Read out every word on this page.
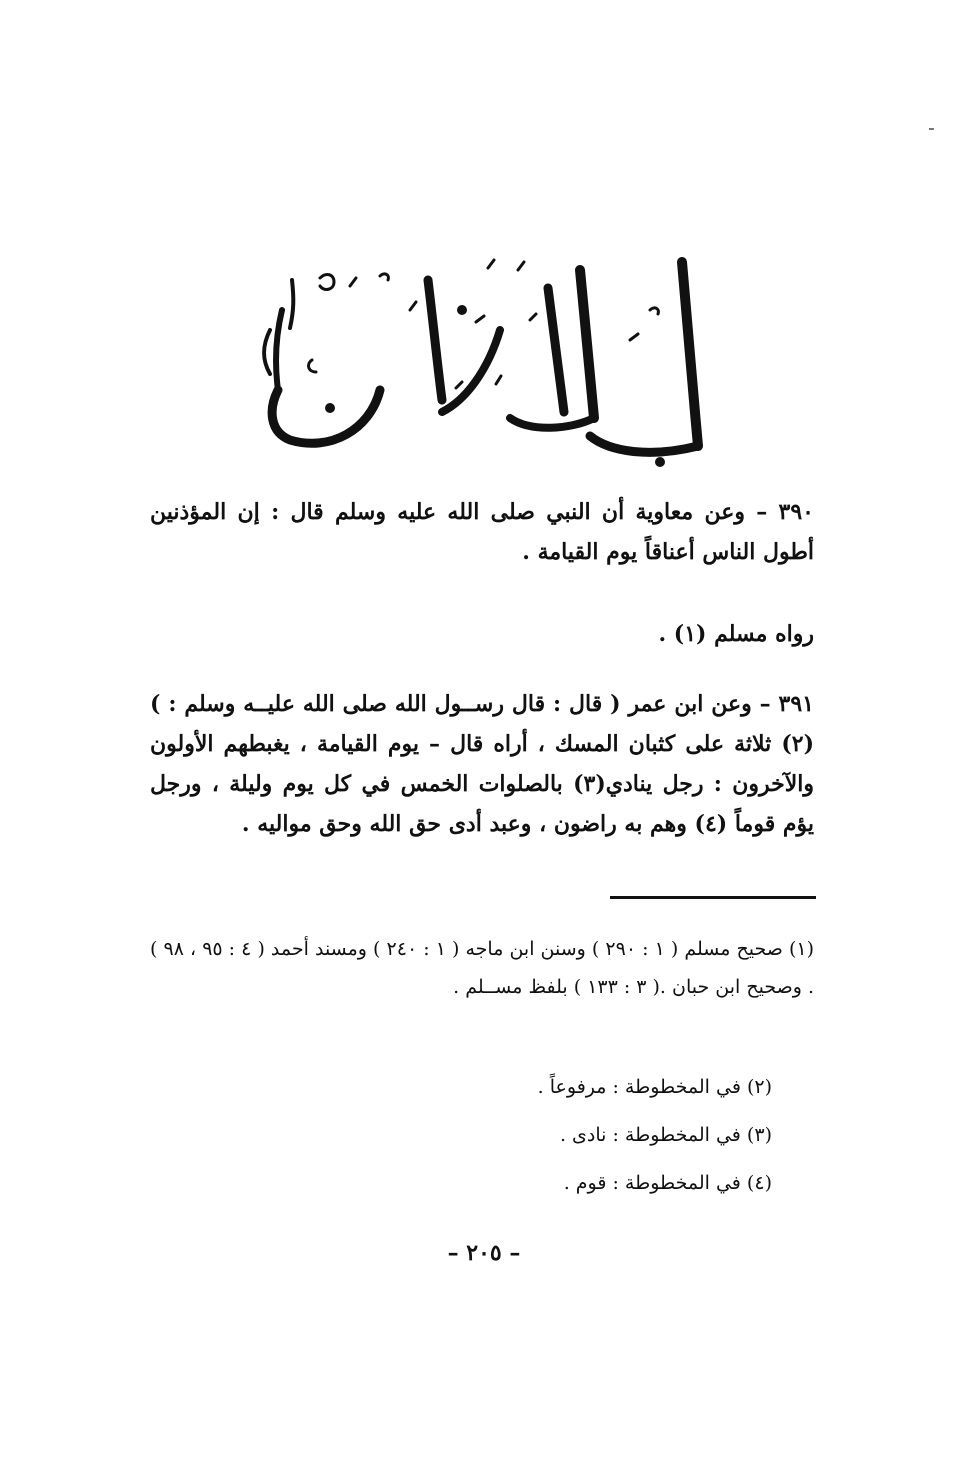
٣٩٠ – وعن معاوية أن النبي صلى الله عليه وسلم قال : إن المؤذنين أطول الناس أعناقاً يوم القيامة .
رواه مسلم (١) .
٣٩١ – وعن ابن عمر ( قال : قال رســول الله صلى الله عليــه وسلم : ) (٢) ثلاثة على كثبان المسك ، أراه قال – يوم القيامة ، يغبطهم الأولون والآخرون : رجل ينادي(٣) بالصلوات الخمس في كل يوم وليلة ، ورجل يؤم قوماً (٤) وهم به راضون ، وعبد أدى حق الله وحق مواليه .
(١) صحيح مسلم ( ١ : ٢٩٠ ) وسنن ابن ماجه ( ١ : ٢٤٠ ) ومسند أحمد ( ٤ : ٩٥ ، ٩٨ ) . وصحيح ابن حبان .( ٣ : ١٣٣ ) بلفظ مســلم .
(٢) في المخطوطة : مرفوعاً .
(٣) في المخطوطة : نادى .
(٤) في المخطوطة : قوم .
– ٢٠٥ –
